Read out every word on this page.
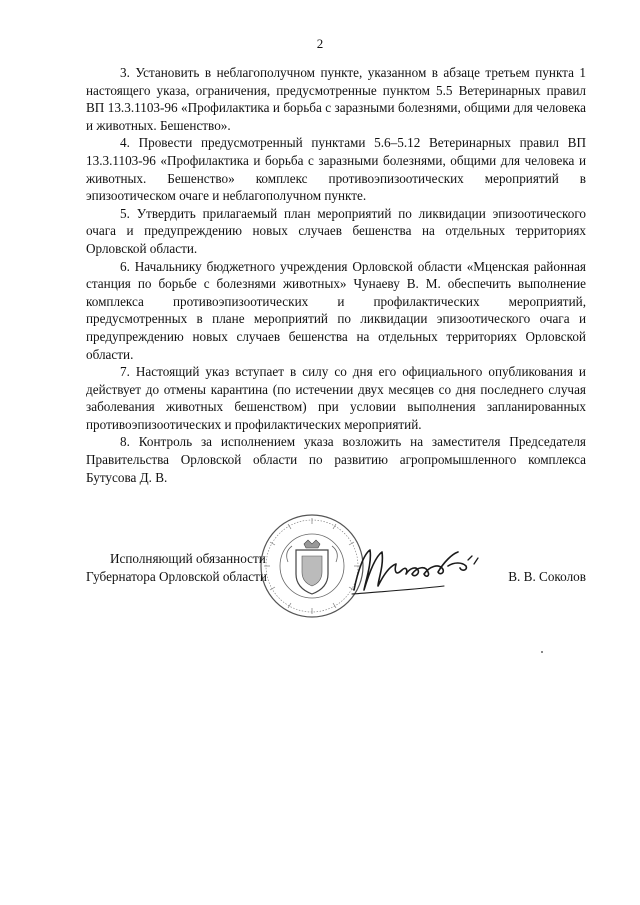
2

3. Установить в неблагополучном пункте, указанном в абзаце третьем пункта 1 настоящего указа, ограничения, предусмотренные пунктом 5.5 Ветеринарных правил ВП 13.3.1103-96 «Профилактика и борьба с заразными болезнями, общими для человека и животных. Бешенство».

4. Провести предусмотренный пунктами 5.6–5.12 Ветеринарных правил ВП 13.3.1103-96 «Профилактика и борьба с заразными болезнями, общими для человека и животных. Бешенство» комплекс противоэпизоотических мероприятий в эпизоотическом очаге и неблагополучном пункте.

5. Утвердить прилагаемый план мероприятий по ликвидации эпизоотического очага и предупреждению новых случаев бешенства на отдельных территориях Орловской области.

6. Начальнику бюджетного учреждения Орловской области «Мценская районная станция по борьбе с болезнями животных» Чунаеву В. М. обеспечить выполнение комплекса противоэпизоотических и профилактических мероприятий, предусмотренных в плане мероприятий по ликвидации эпизоотического очага и предупреждению новых случаев бешенства на отдельных территориях Орловской области.

7. Настоящий указ вступает в силу со дня его официального опубликования и действует до отмены карантина (по истечении двух месяцев со дня последнего случая заболевания животных бешенством) при условии выполнения запланированных противоэпизоотических и профилактических мероприятий.

8. Контроль за исполнением указа возложить на заместителя Председателя Правительства Орловской области по развитию агропромышленного комплекса Бутусова Д. В.

Исполняющий обязанности
Губернатора Орловской области	В. В. Соколов
